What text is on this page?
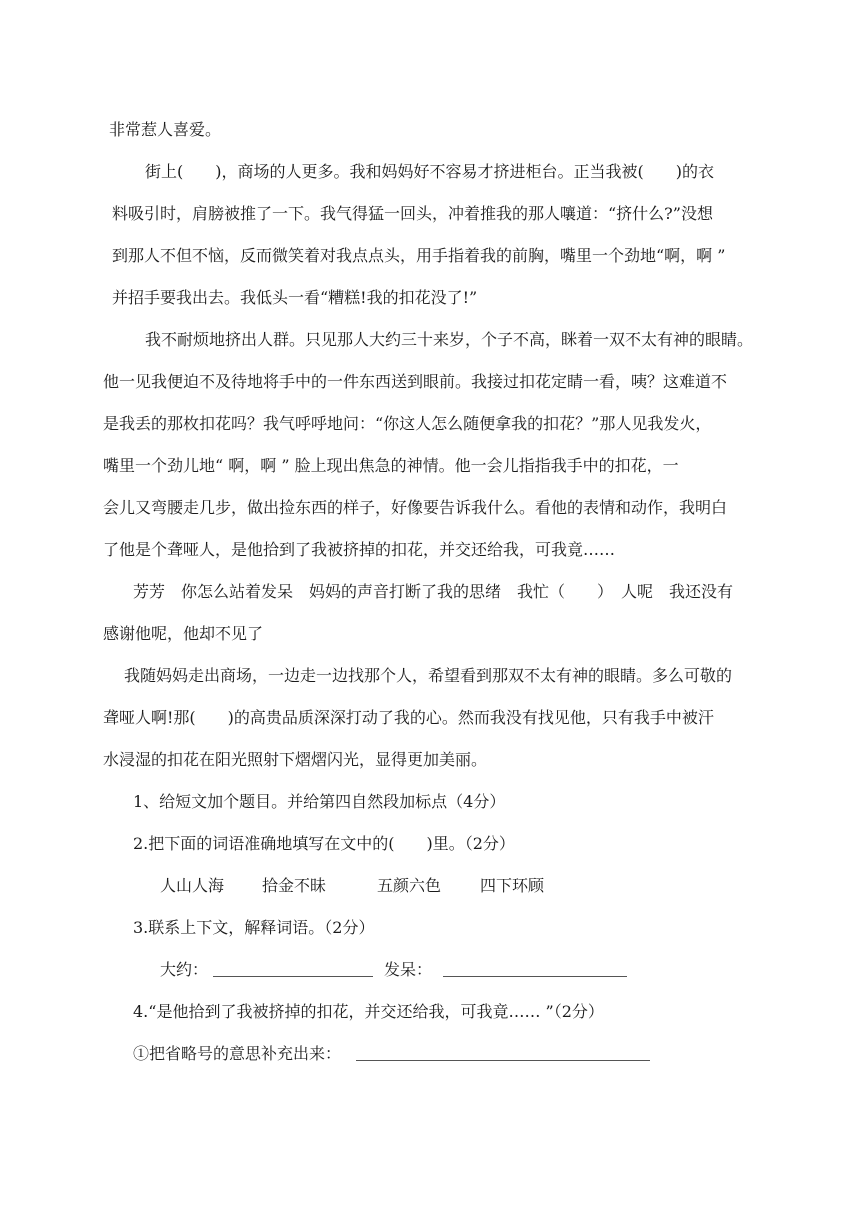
非常惹人喜爱。
街上(　　)，商场的人更多。我和妈妈好不容易才挤进柜台。正当我被(　　)的衣
料吸引时，肩膀被推了一下。我气得猛一回头，冲着推我的那人嚷道：“挤什么?”没想
到那人不但不恼，反而微笑着对我点点头，用手指着我的前胸，嘴里一个劲地“啊，啊 ”
并招手要我出去。我低头一看“糟糕!我的扣花没了!”
我不耐烦地挤出人群。只见那人大约三十来岁，个子不高，眯着一双不太有神的眼睛。
他一见我便迫不及待地将手中的一件东西送到眼前。我接过扣花定睛一看，咦？这难道不
是我丢的那枚扣花吗？我气呼呼地问：“你这人怎么随便拿我的扣花？”那人见我发火，
嘴里一个劲儿地“ 啊，啊 ” 脸上现出焦急的神情。他一会儿指指我手中的扣花，一
会儿又弯腰走几步，做出捡东西的样子，好像要告诉我什么。看他的表情和动作，我明白
了他是个聋哑人，是他拾到了我被挤掉的扣花，并交还给我，可我竟……
芳芳　你怎么站着发呆　妈妈的声音打断了我的思绪　我忙（　　）　人呢　我还没有
感谢他呢，他却不见了
我随妈妈走出商场，一边走一边找那个人，希望看到那双不太有神的眼睛。多么可敬的
聋哑人啊!那(　　)的高贵品质深深打动了我的心。然而我没有找见他，只有我手中被汗
水浸湿的扣花在阳光照射下熠熠闪光，显得更加美丽。
1、给短文加个题目。并给第四自然段加标点（4分）
2.把下面的词语准确地填写在文中的(　　)里。（2分）
人山人海 拾金不昧	五颜六色 四下环顾
3.联系上下文，解释词语。（2分）
大约：	发呆：
4.“是他拾到了我被挤掉的扣花，并交还给我，可我竟…… ”（2分）
①把省略号的意思补充出来：
